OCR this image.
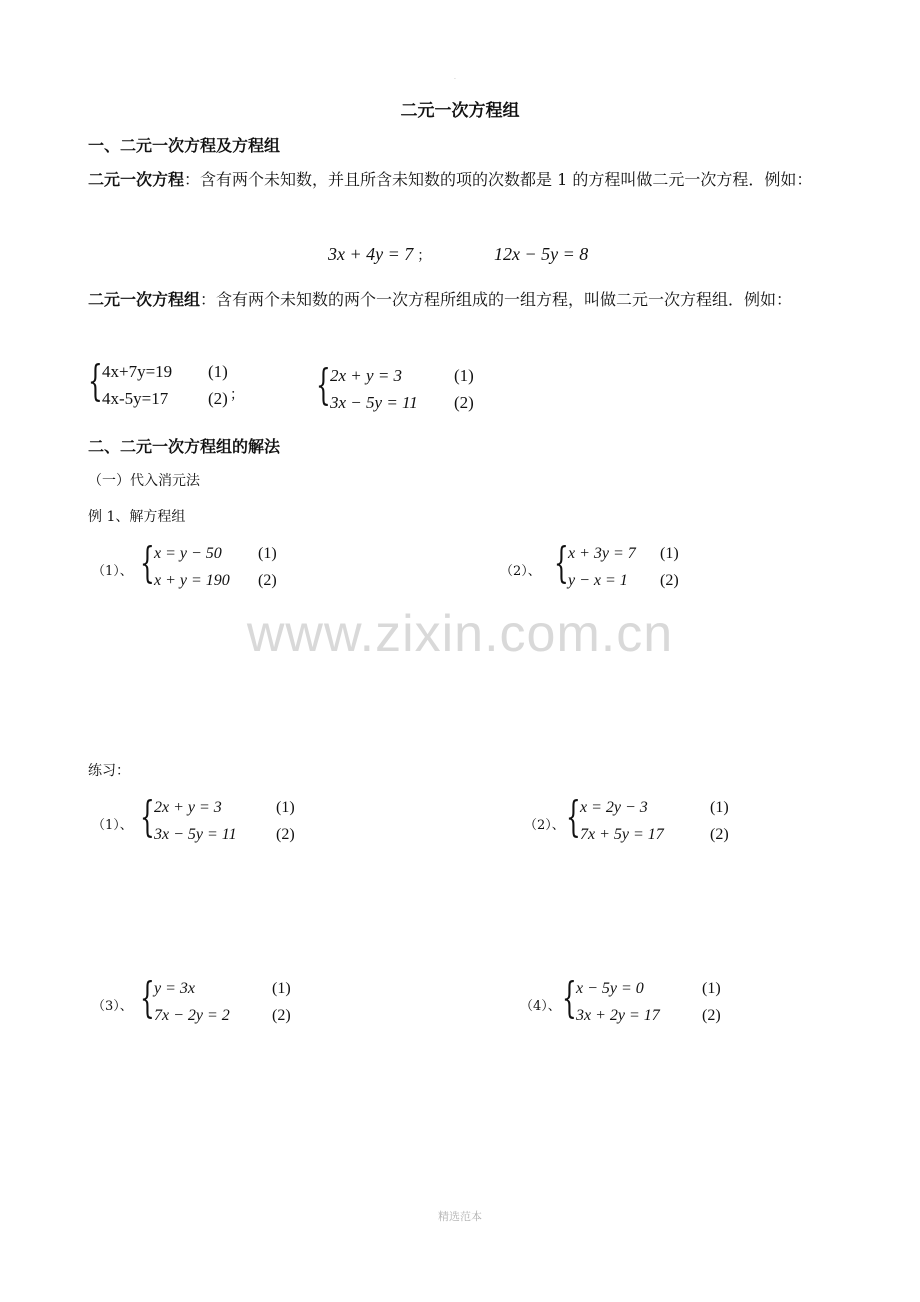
.
二元一次方程组
一、二元一次方程及方程组
二元一次方程：含有两个未知数，并且所含未知数的项的次数都是 1 的方程叫做二元一次方程．例如：
3x + 4y = 7 ；	12x − 5y = 8
二元一次方程组：含有两个未知数的两个一次方程所组成的一组方程，叫做二元一次方程组．例如：
{ 4x+7y=19	(1)
4x-5y=17	(2) ； { 2x + y = 3	(1)
3x − 5y = 11	(2)
二、二元一次方程组的解法
（一）代入消元法
例 1、解方程组
（1）、 { x = y − 50	(1)
x + y = 190	(2)
（2）、 { x + 3y = 7	(1)
y − x = 1	(2)
www.zixin.com.cn
练习：
（1）、 { 2x + y = 3	(1)
3x − 5y = 11	(2)
（2）、 { x = 2y − 3	(1)
7x + 5y = 17	(2)
（3）、 { y = 3x	(1)
7x − 2y = 2	(2)
（4）、 { x − 5y = 0	(1)
3x + 2y = 17	(2)
精选范本
